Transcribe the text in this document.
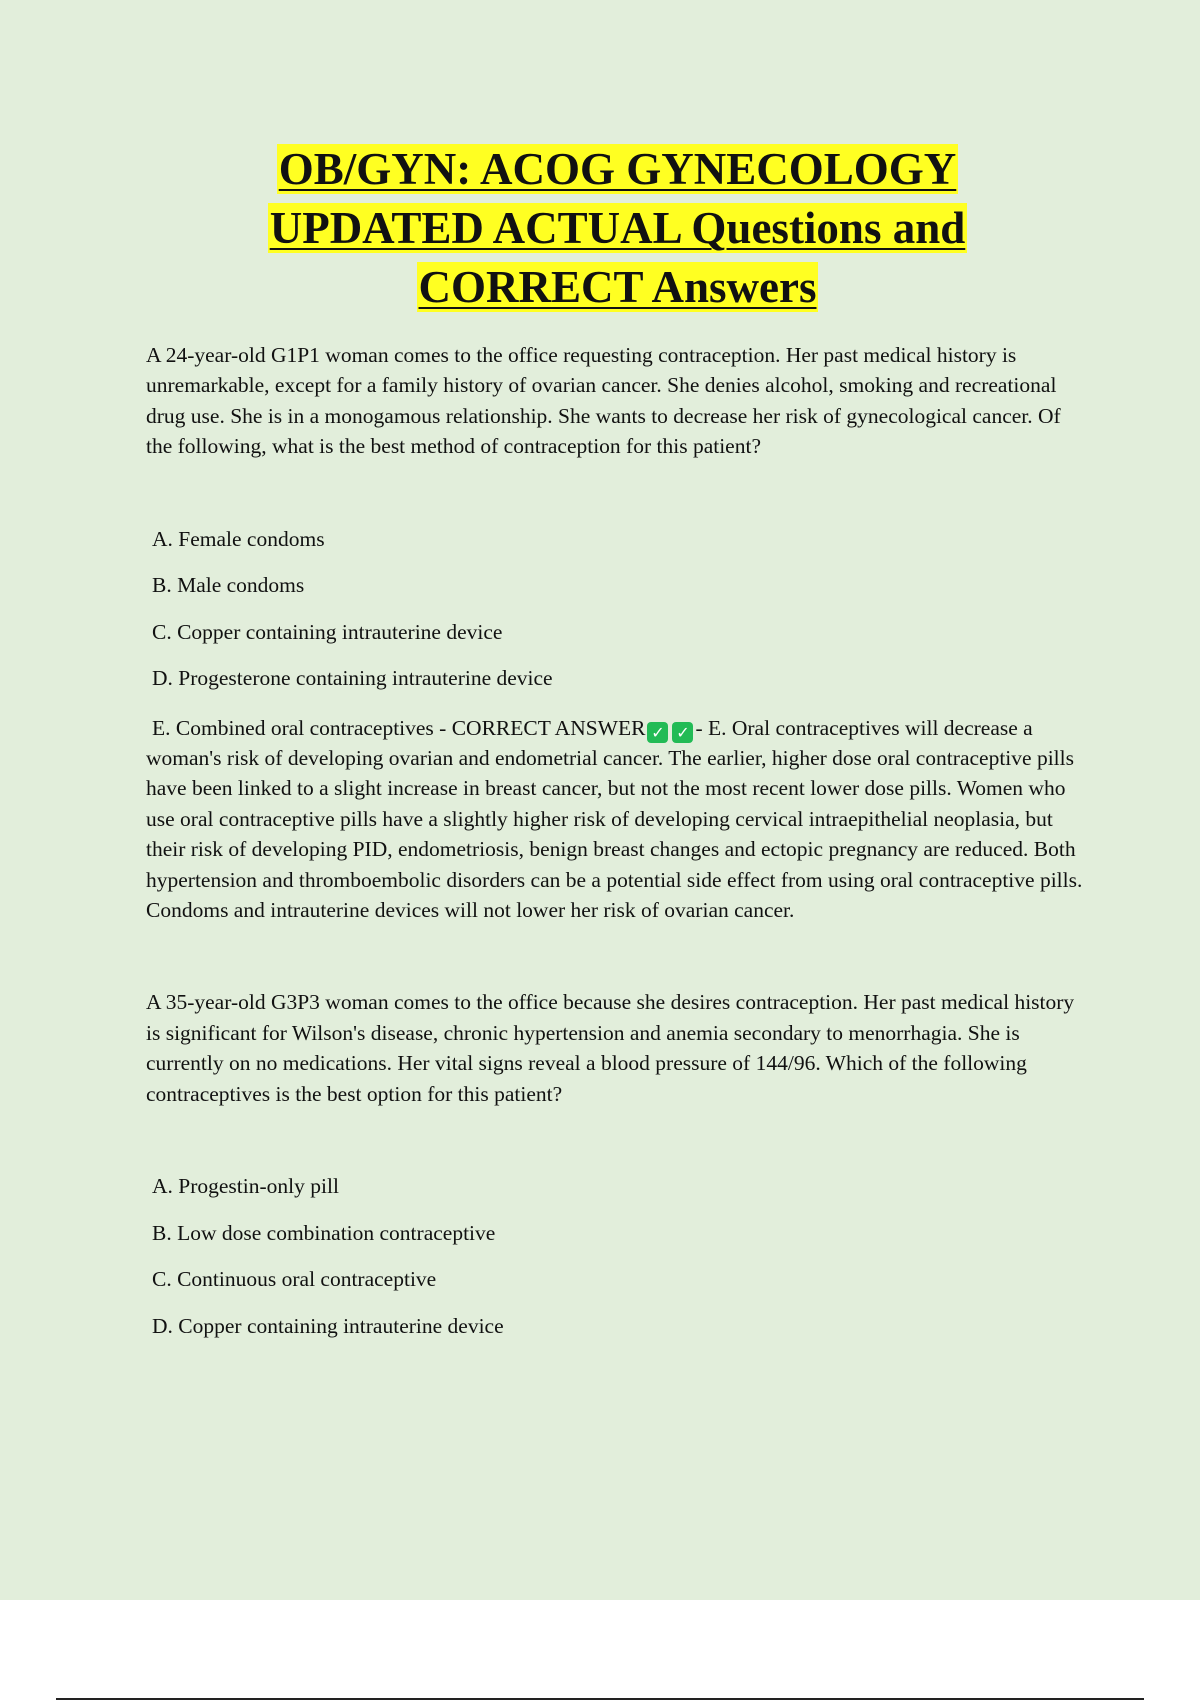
OB/GYN: ACOG GYNECOLOGY
UPDATED ACTUAL Questions and
CORRECT Answers

A 24-year-old G1P1 woman comes to the office requesting contraception. Her past medical history is unremarkable, except for a family history of ovarian cancer. She denies alcohol, smoking and recreational drug use. She is in a monogamous relationship. She wants to decrease her risk of gynecological cancer. Of the following, what is the best method of contraception for this patient?

A. Female condoms
B. Male condoms
C. Copper containing intrauterine device
D. Progesterone containing intrauterine device

E. Combined oral contraceptives - CORRECT ANSWER ✓ ✓ - E. Oral contraceptives will decrease a woman's risk of developing ovarian and endometrial cancer. The earlier, higher dose oral contraceptive pills have been linked to a slight increase in breast cancer, but not the most recent lower dose pills. Women who use oral contraceptive pills have a slightly higher risk of developing cervical intraepithelial neoplasia, but their risk of developing PID, endometriosis, benign breast changes and ectopic pregnancy are reduced. Both hypertension and thromboembolic disorders can be a potential side effect from using oral contraceptive pills. Condoms and intrauterine devices will not lower her risk of ovarian cancer.

A 35-year-old G3P3 woman comes to the office because she desires contraception. Her past medical history is significant for Wilson's disease, chronic hypertension and anemia secondary to menorrhagia. She is currently on no medications. Her vital signs reveal a blood pressure of 144/96. Which of the following contraceptives is the best option for this patient?

A. Progestin-only pill
B. Low dose combination contraceptive
C. Continuous oral contraceptive
D. Copper containing intrauterine device
